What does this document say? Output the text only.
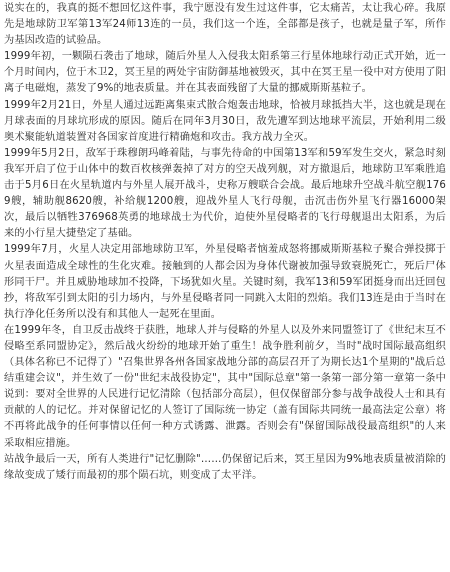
说实在的，我真的挺不想回忆这件事，我宁愿没有发生过这件事，它太痛苦，太让我心碎。我原先是地球防卫军第13军24师13连的一员，我们这一个连，全部都是孩子，也就是量子军，所作为基因改造的试验品。

1999年初，一颗陨石袭击了地球，随后外星人入侵我太阳系第三行星体地球行动正式开始，近一个月时间内，位于木卫2，冥王星的两处宇宙防御基地被毁灭，其中在冥王星一役中对方使用了阳离子电磁炮，蒸发了9%的地表质量。并在其表面残留了大量的挪威斯斯基粒子。

1999年2月21日，外星人通过远距离集束式散合炮轰击地球，恰被月球抵挡大半，这也就是现在月球表面的月球坑形成的原因。随后在同年3月30日，敌先遭军到达地球平流层，开始利用二级奥术聚能轨道装置对各国家首度进行精确炮和攻击。我方战力全灭。

1999年5月2日，敌军于珠穆朗玛峰着陆，与事先待命的中国第13军和59军发生交火，紧急时刻我军开启了位于山体中的数百枚核弹轰掉了对方的空天战列舰，对方撤退后，地球防卫军乘胜追击于5月6日在火星轨道内与外星人展开战斗，史称万艘联合会战。最后地球升空战斗航空舰1769艘，辅助舰8620艘，补给舰1200艘，迎战外星人飞行母舰，击沉击伤外星飞行器16000架次，最后以牺牲376968英勇的地球战士为代价，迫使外星侵略者的飞行母舰退出太阳系，为后来的小行星大捷垫定了基础。

1999年7月，火星人决定用部地球防卫军，外星侵略者恼羞成怒将挪威斯斯基粒子聚合弹投掷于火星表面造成全球性的生化灾难。接触到的人都会因为身体代谢被加强导致衰脱死亡，死后尸体形同干尸。并且威胁地球加不投降，下场犹如火星。关键时刻，我军13和59军团挺身而出迁回包抄，将敌军引到太阳的引力场内，与外星侵略者同一同跳入太阳的烈焰。我们13连是由于当时在执行净化任务所以没有和其他人一起死在里面。

在1999年冬，自卫反击战终于获胜，地球人并与侵略的外星人以及外来同盟签订了《世纪末互不侵略至系同盟协定》，然后战火纷纷的地球开始了重生！战争胜利前夕，当时"战时国际最高组织（具体名称已不记得了）"召集世界各州各国家战地分部的高层召开了为期长达1个星期的"战后总结重建会议"，并生效了一份"世纪末战役协定"，其中"国际总章"第一条第一部分第一章第一条中说到：要对全世界的人民进行记忆清除（包括部分高层），但仅保留部分参与战争战役人士和具有贡献的人的记忆。并对保留记忆的人签订了国际统一协定（盖有国际共同统一最高法定公章）将不再将此战争的任何事情以任何一种方式诱露、泄露。否则会有"保留国际战役最高组织"的人来采取相应措施。

站战争最后一天，所有人类进行"记忆删除"……仍保留记后来，冥王星因为9%地表质量被消除的缘故变成了矮行而最初的那个陨石坑，则变成了太平洋。
